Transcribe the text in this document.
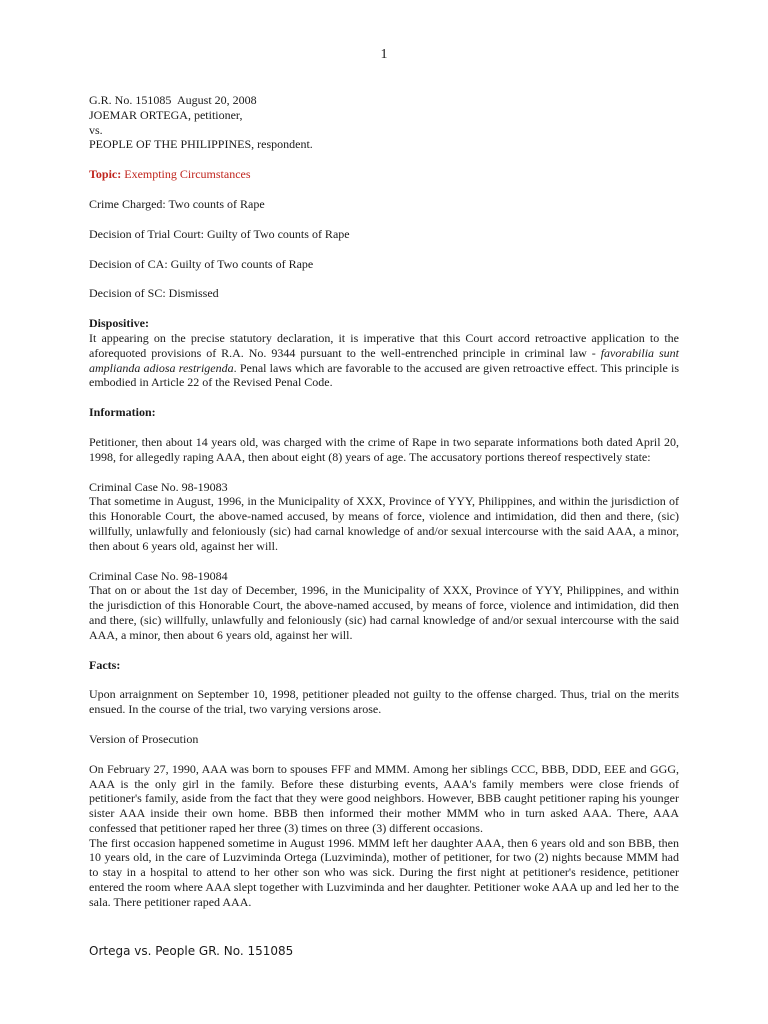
1

G.R. No. 151085 August 20, 2008

JOEMAR ORTEGA, petitioner,

vs.

PEOPLE OF THE PHILIPPINES, respondent.

Topic: Exempting Circumstances

Crime Charged: Two counts of Rape

Decision of Trial Court: Guilty of Two counts of Rape

Decision of CA: Guilty of Two counts of Rape

Decision of SC: Dismissed

Dispositive:

It appearing on the precise statutory declaration, it is imperative that this Court accord retroactive application to the aforequoted provisions of R.A. No. 9344 pursuant to the well-entrenched principle in criminal law - favorabilia sunt amplianda adiosa restrigenda. Penal laws which are favorable to the accused are given retroactive effect. This principle is embodied in Article 22 of the Revised Penal Code.

Information:

Petitioner, then about 14 years old, was charged with the crime of Rape in two separate informations both dated April 20, 1998, for allegedly raping AAA, then about eight (8) years of age. The accusatory portions thereof respectively state:

Criminal Case No. 98-19083

That sometime in August, 1996, in the Municipality of XXX, Province of YYY, Philippines, and within the jurisdiction of this Honorable Court, the above-named accused, by means of force, violence and intimidation, did then and there, (sic) willfully, unlawfully and feloniously (sic) had carnal knowledge of and/or sexual intercourse with the said AAA, a minor, then about 6 years old, against her will.

Criminal Case No. 98-19084

That on or about the 1st day of December, 1996, in the Municipality of XXX, Province of YYY, Philippines, and within the jurisdiction of this Honorable Court, the above-named accused, by means of force, violence and intimidation, did then and there, (sic) willfully, unlawfully and feloniously (sic) had carnal knowledge of and/or sexual intercourse with the said AAA, a minor, then about 6 years old, against her will.

Facts:

Upon arraignment on September 10, 1998, petitioner pleaded not guilty to the offense charged. Thus, trial on the merits ensued. In the course of the trial, two varying versions arose.

Version of Prosecution

On February 27, 1990, AAA was born to spouses FFF and MMM. Among her siblings CCC, BBB, DDD, EEE and GGG, AAA is the only girl in the family. Before these disturbing events, AAA's family members were close friends of petitioner's family, aside from the fact that they were good neighbors. However, BBB caught petitioner raping his younger sister AAA inside their own home. BBB then informed their mother MMM who in turn asked AAA. There, AAA confessed that petitioner raped her three (3) times on three (3) different occasions.

The first occasion happened sometime in August 1996. MMM left her daughter AAA, then 6 years old and son BBB, then 10 years old, in the care of Luzviminda Ortega (Luzviminda), mother of petitioner, for two (2) nights because MMM had to stay in a hospital to attend to her other son who was sick. During the first night at petitioner's residence, petitioner entered the room where AAA slept together with Luzviminda and her daughter. Petitioner woke AAA up and led her to the sala. There petitioner raped AAA.

Ortega vs. People GR. No. 151085
